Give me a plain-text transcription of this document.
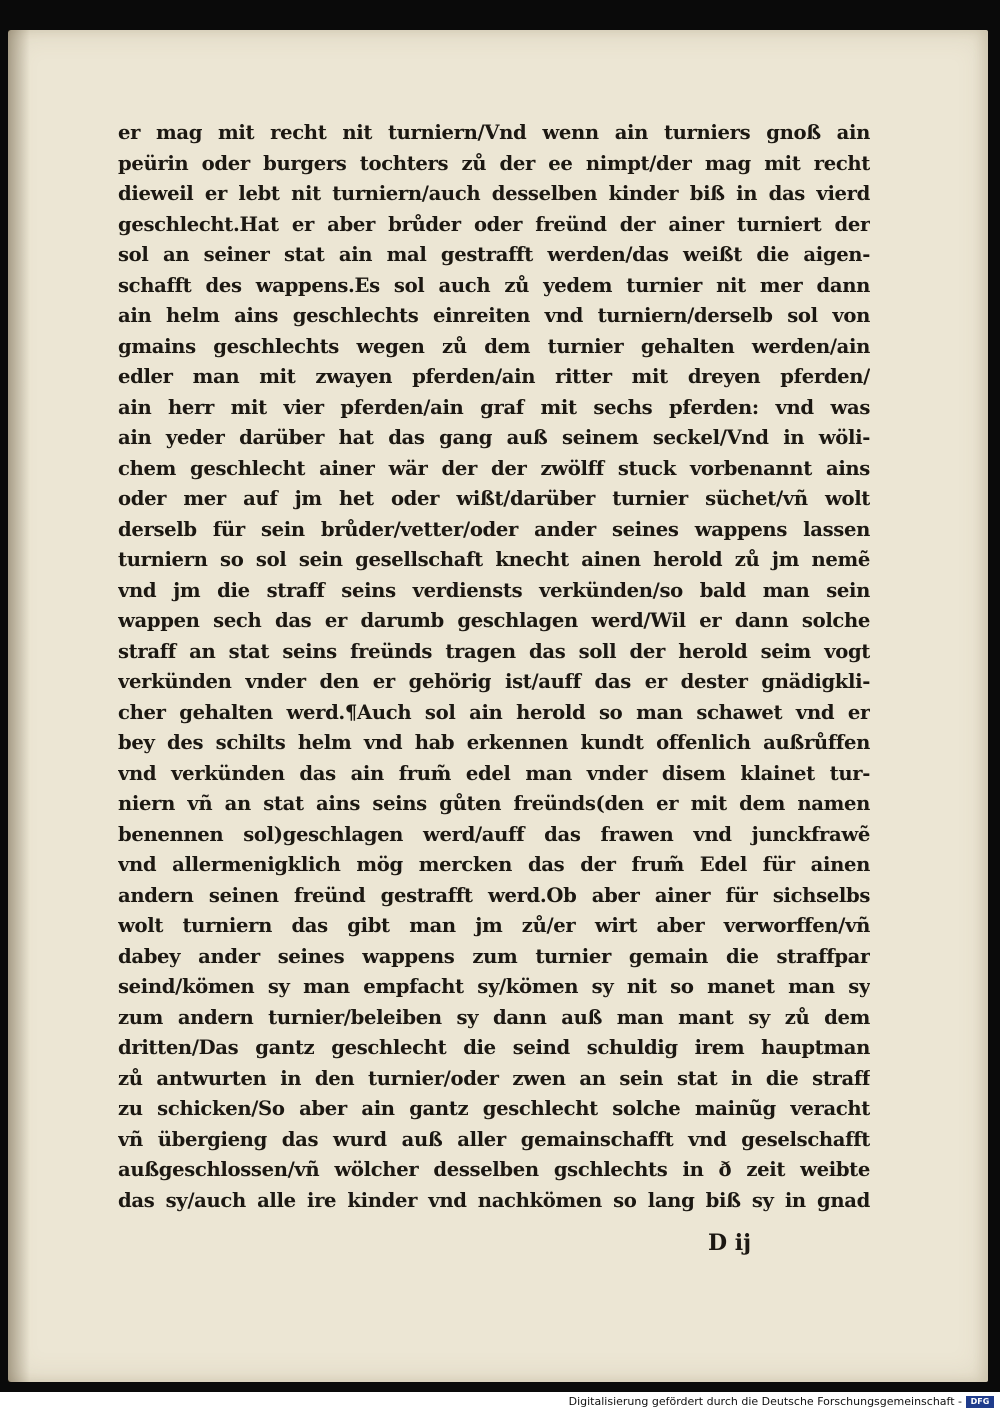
er mag mit recht nit turniern/Vnd wenn ain turniers gnoß ain
peürin oder burgers tochters zů der ee nimpt/der mag mit recht
dieweil er lebt nit turniern/auch desselben kinder biß in das vierd
geschlecht.Hat er aber brůder oder freünd der ainer turniert der
sol an seiner stat ain mal gestrafft werden/das weißt die aigen-
schafft des wappens.Es sol auch zů yedem turnier nit mer dann
ain helm ains geschlechts einreiten vnd turniern/derselb sol von
gmains geschlechts wegen zů dem turnier gehalten werden/ain
edler man mit zwayen pferden/ain ritter mit dreyen pferden/
ain herr mit vier pferden/ain graf mit sechs pferden: vnd was
ain yeder darüber hat das gang auß seinem seckel/Vnd in wöli-
chem geschlecht ainer wär der der zwölff stuck vorbenannt ains
oder mer auf jm het oder wißt/darüber turnier süchet/vñ wolt
derselb für sein brůder/vetter/oder ander seines wappens lassen
turniern so sol sein gesellschaft knecht ainen herold zů jm nemẽ
vnd jm die straff seins verdiensts verkünden/so bald man sein
wappen sech das er darumb geschlagen werd/Wil er dann solche
straff an stat seins freünds tragen das soll der herold seim vogt
verkünden vnder den er gehörig ist/auff das er dester gnädigkli-
cher gehalten werd.¶Auch sol ain herold so man schawet vnd er
bey des schilts helm vnd hab erkennen kundt offenlich außrůffen
vnd verkünden das ain frum̃ edel man vnder disem klainet tur-
niern vñ an stat ains seins gůten freünds(den er mit dem namen
benennen sol)geschlagen werd/auff das frawen vnd junckfrawẽ
vnd allermenigklich mög mercken das der frum̃ Edel für ainen
andern seinen freünd gestrafft werd.Ob aber ainer für sichselbs
wolt turniern das gibt man jm zů/er wirt aber verworffen/vñ
dabey ander seines wappens zum turnier gemain die straffpar
seind/kömen sy man empfacht sy/kömen sy nit so manet man sy
zum andern turnier/beleiben sy dann auß man mant sy zů dem
dritten/Das gantz geschlecht die seind schuldig irem hauptman
zů antwurten in den turnier/oder zwen an sein stat in die straff
zu schicken/So aber ain gantz geschlecht solche mainũg veracht
vñ übergieng das wurd auß aller gemainschafft vnd geselschafft
außgeschlossen/vñ wölcher desselben gschlechts in ð zeit weibte
das sy/auch alle ire kinder vnd nachkömen so lang biß sy in gnad
D ij
Digitalisierung gefördert durch die Deutsche Forschungsgemeinschaft -	DFG
